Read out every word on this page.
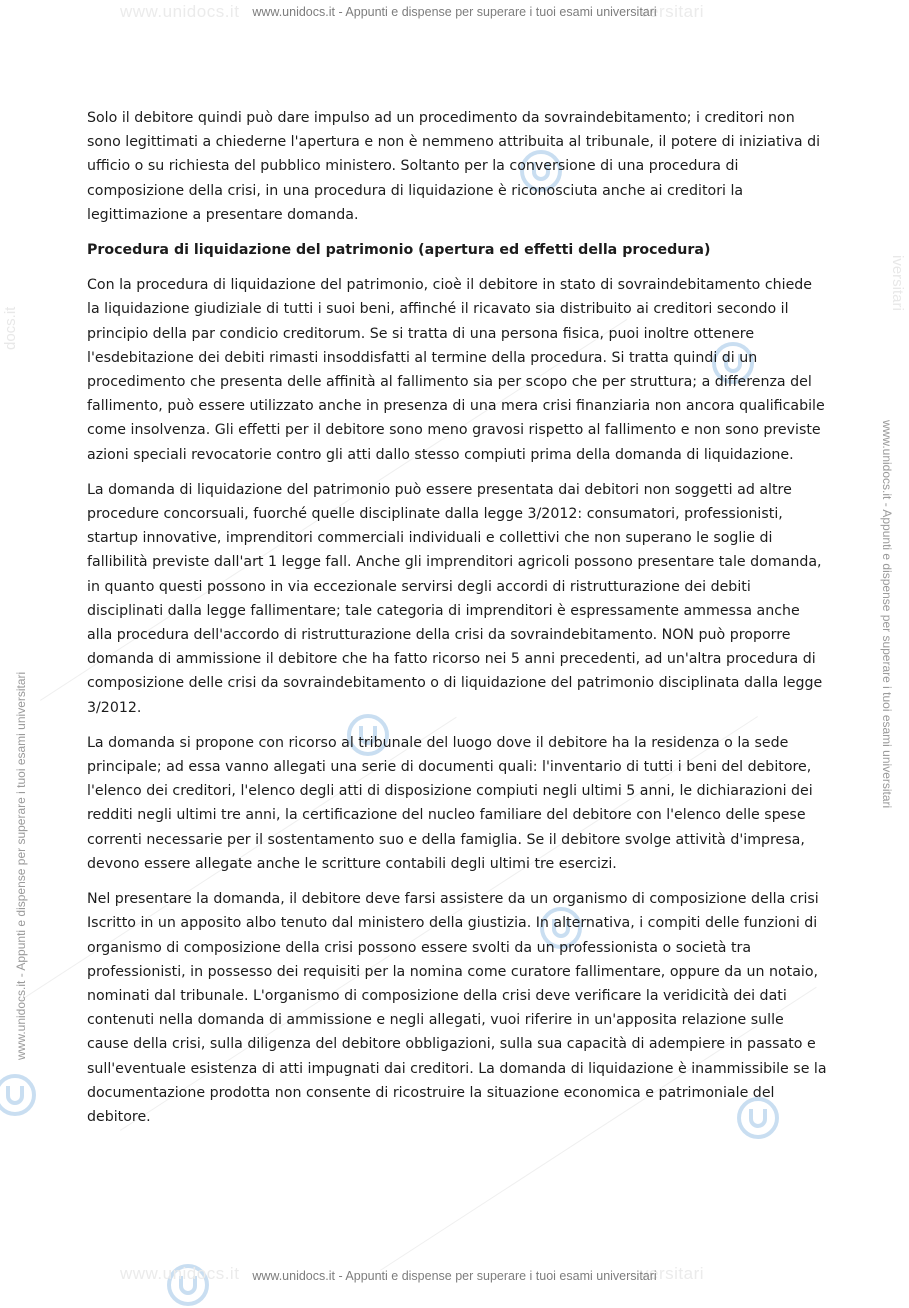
www.unidocs.it	versitari
www.unidocs.it - Appunti e dispense per superare i tuoi esami universitari
www.unidocs.it - Appunti e dispense per superare i tuoi esami universitari
www.unidocs.it - Appunti e dispense per superare i tuoi esami universitari
docs.it
iversitari

Solo il debitore quindi può dare impulso ad un procedimento da sovraindebitamento; i creditori non sono legittimati a chiederne l'apertura e non è nemmeno attribuita al tribunale, il potere di iniziativa di ufficio o su richiesta del pubblico ministero. Soltanto per la conversione di una procedura di composizione della crisi, in una procedura di liquidazione è riconosciuta anche ai creditori la legittimazione a presentare domanda.

Procedura di liquidazione del patrimonio (apertura ed effetti della procedura)

Con la procedura di liquidazione del patrimonio, cioè il debitore in stato di sovraindebitamento chiede la liquidazione giudiziale di tutti i suoi beni, affinché il ricavato sia distribuito ai creditori secondo il principio della par condicio creditorum. Se si tratta di una persona fisica, puoi inoltre ottenere l'esdebitazione dei debiti rimasti insoddisfatti al termine della procedura. Si tratta quindi di un procedimento che presenta delle affinità al fallimento sia per scopo che per struttura; a differenza del fallimento, può essere utilizzato anche in presenza di una mera crisi finanziaria non ancora qualificabile come insolvenza. Gli effetti per il debitore sono meno gravosi rispetto al fallimento e non sono previste azioni speciali revocatorie contro gli atti dallo stesso compiuti prima della domanda di liquidazione.

La domanda di liquidazione del patrimonio può essere presentata dai debitori non soggetti ad altre procedure concorsuali, fuorché quelle disciplinate dalla legge 3/2012: consumatori, professionisti, startup innovative, imprenditori commerciali individuali e collettivi che non superano le soglie di fallibilità previste dall'art 1 legge fall. Anche gli imprenditori agricoli possono presentare tale domanda, in quanto questi possono in via eccezionale servirsi degli accordi di ristrutturazione dei debiti disciplinati dalla legge fallimentare; tale categoria di imprenditori è espressamente ammessa anche alla procedura dell'accordo di ristrutturazione della crisi da sovraindebitamento. NON può proporre domanda di ammissione il debitore che ha fatto ricorso nei 5 anni precedenti, ad un'altra procedura di composizione delle crisi da sovraindebitamento o di liquidazione del patrimonio disciplinata dalla legge 3/2012.

La domanda si propone con ricorso al tribunale del luogo dove il debitore ha la residenza o la sede principale; ad essa vanno allegati una serie di documenti quali: l'inventario di tutti i beni del debitore, l'elenco dei creditori, l'elenco degli atti di disposizione compiuti negli ultimi 5 anni, le dichiarazioni dei redditi negli ultimi tre anni, la certificazione del nucleo familiare del debitore con l'elenco delle spese correnti necessarie per il sostentamento suo e della famiglia. Se il debitore svolge attività d'impresa, devono essere allegate anche le scritture contabili degli ultimi tre esercizi.

Nel presentare la domanda, il debitore deve farsi assistere da un organismo di composizione della crisi Iscritto in un apposito albo tenuto dal ministero della giustizia. In alternativa, i compiti delle funzioni di organismo di composizione della crisi possono essere svolti da un professionista o società tra professionisti, in possesso dei requisiti per la nomina come curatore fallimentare, oppure da un notaio, nominati dal tribunale. L'organismo di composizione della crisi deve verificare la veridicità dei dati contenuti nella domanda di ammissione e negli allegati, vuoi riferire in un'apposita relazione sulle cause della crisi, sulla diligenza del debitore obbligazioni, sulla sua capacità di adempiere in passato e sull'eventuale esistenza di atti impugnati dai creditori. La domanda di liquidazione è inammissibile se la documentazione prodotta non consente di ricostruire la situazione economica e patrimoniale del debitore.

www.unidocs.it	versitari
www.unidocs.it - Appunti e dispense per superare i tuoi esami universitari
